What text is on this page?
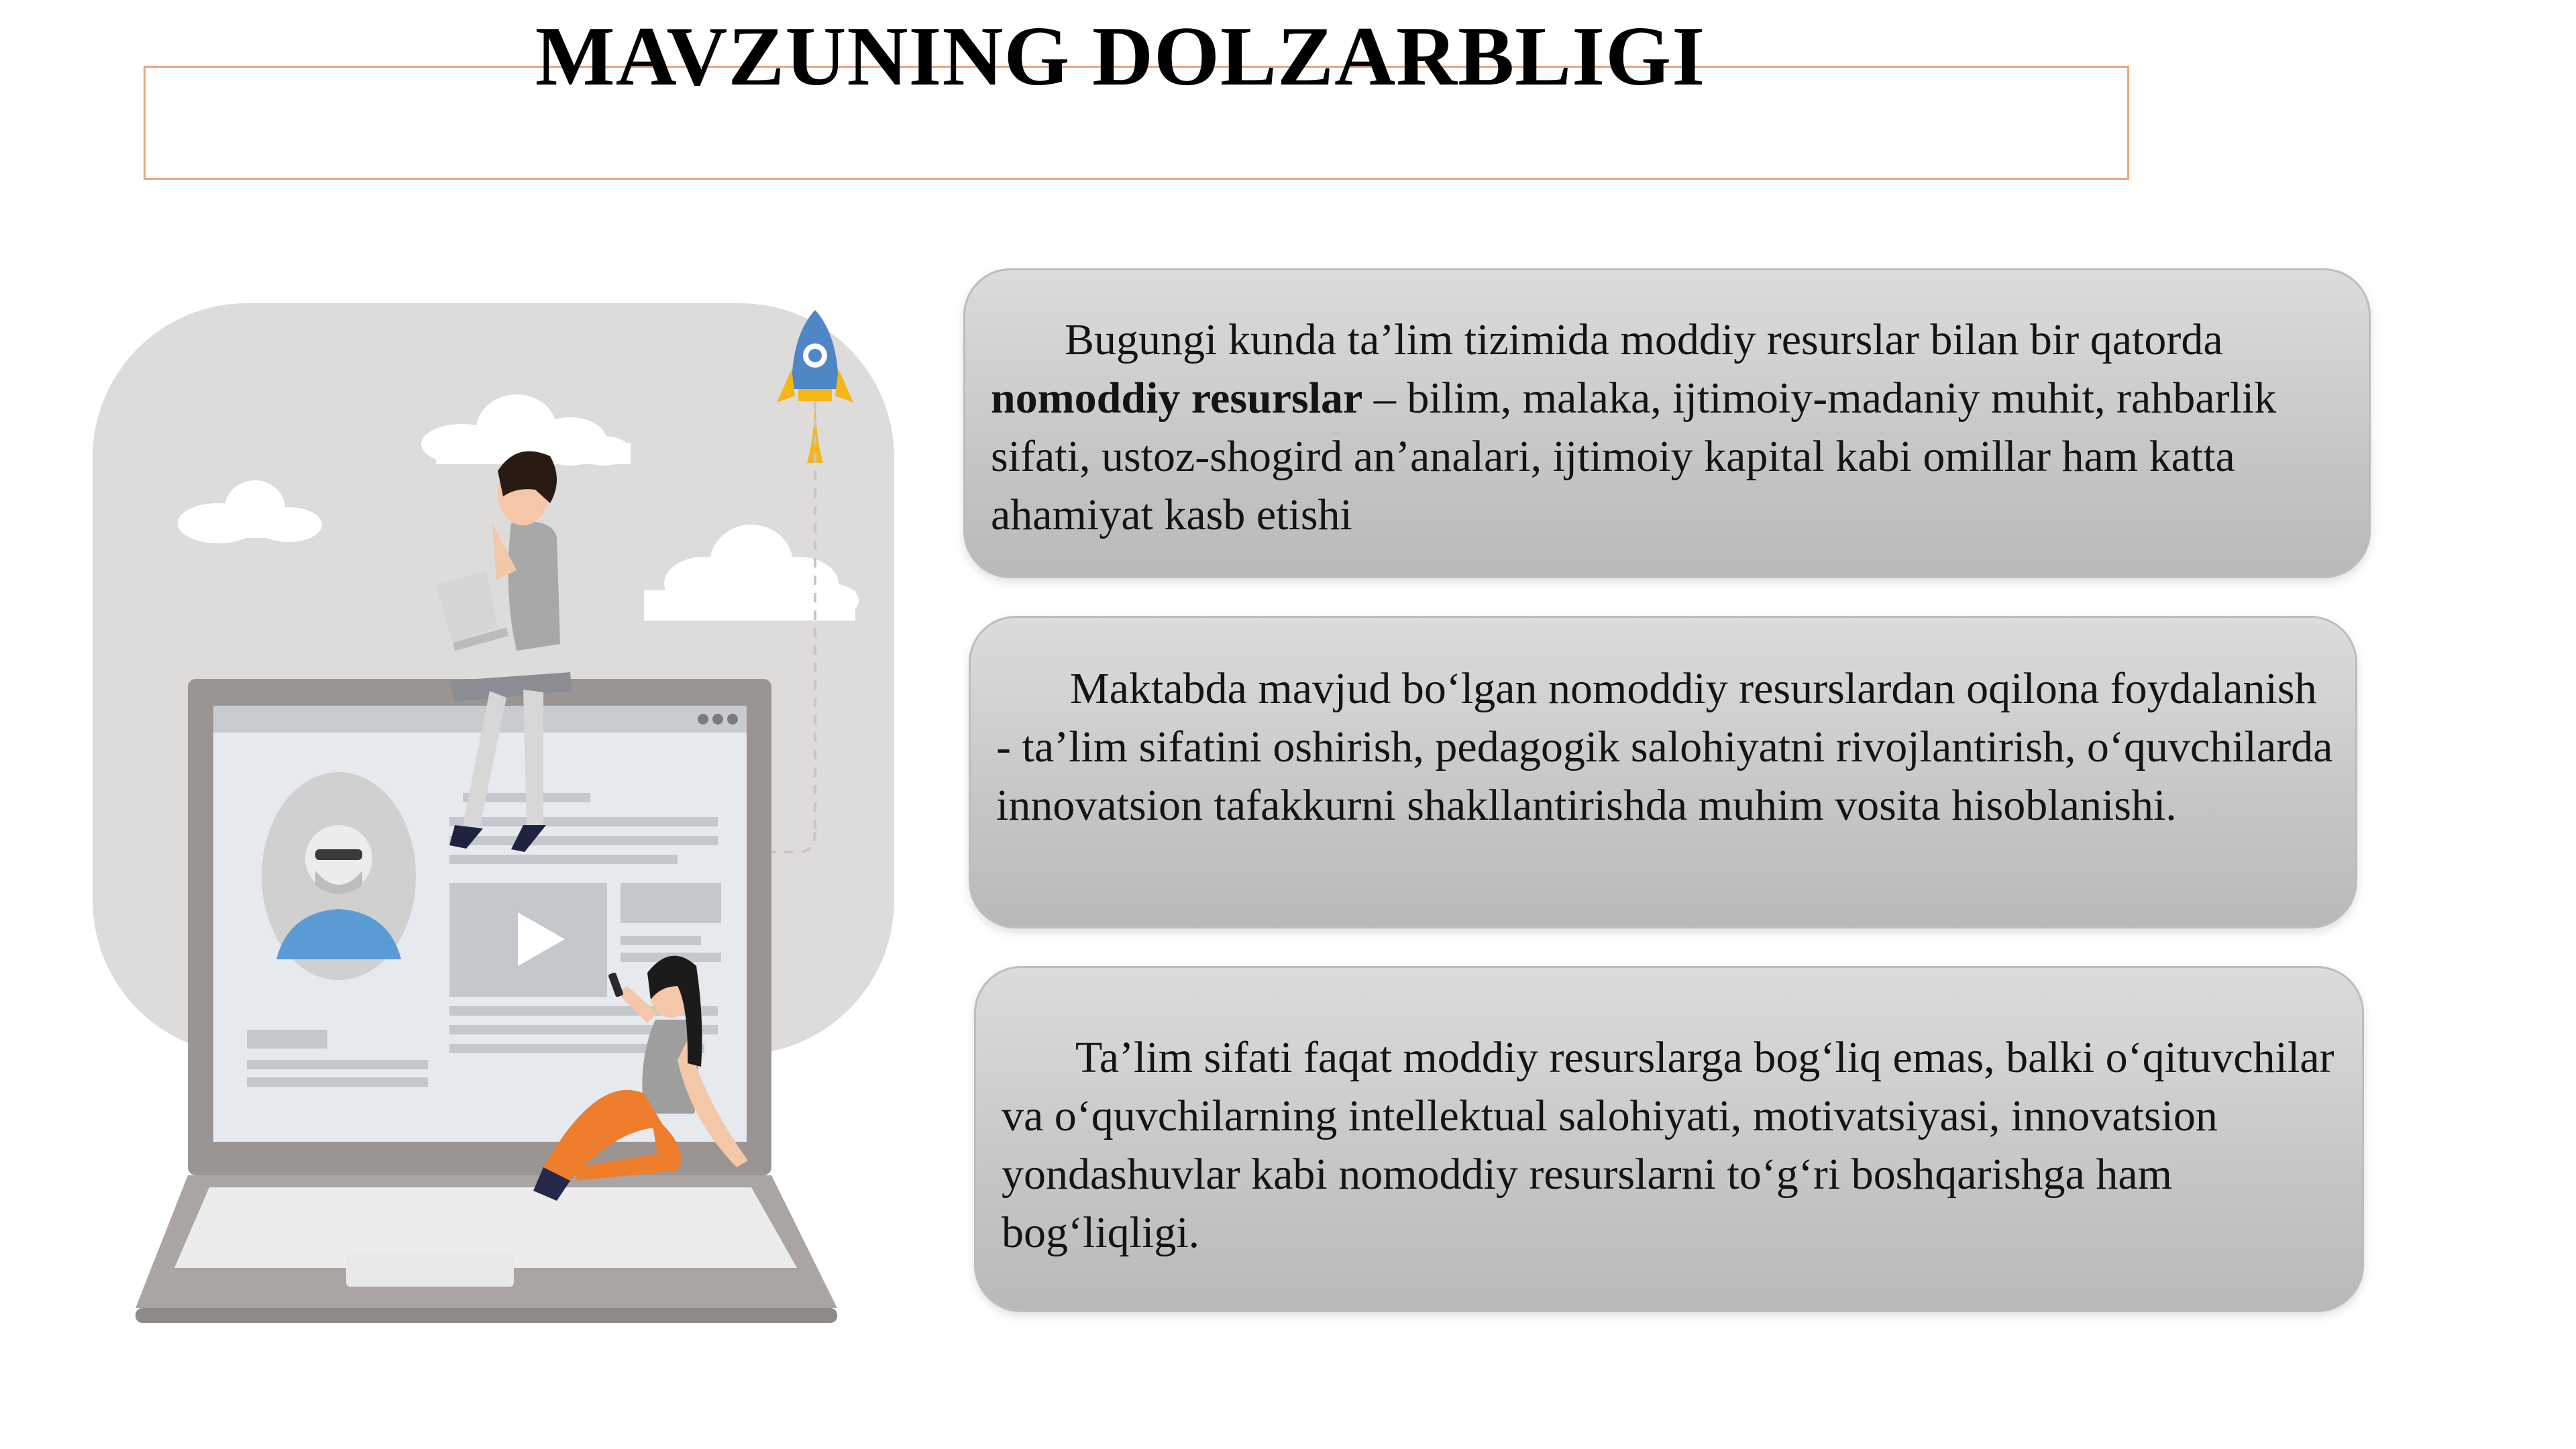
MAVZUNING DOLZARBLIGI

Bugungi kunda ta’lim tizimida moddiy resurslar bilan bir qatorda nomoddiy resurslar – bilim, malaka, ijtimoiy-madaniy muhit, rahbarlik sifati, ustoz-shogird an’analari, ijtimoiy kapital kabi omillar ham katta ahamiyat kasb etishi

Maktabda mavjud bo‘lgan nomoddiy resurslardan oqilona foydalanish - ta’lim sifatini oshirish, pedagogik salohiyatni rivojlantirish, o‘quvchilarda innovatsion tafakkurni shakllantirishda muhim vosita hisoblanishi.

Ta’lim sifati faqat moddiy resurslarga bog‘liq emas, balki o‘qituvchilar va o‘quvchilarning intellektual salohiyati, motivatsiyasi, innovatsion yondashuvlar kabi nomoddiy resurslarni to‘g‘ri boshqarishga ham bog‘liqligi.
